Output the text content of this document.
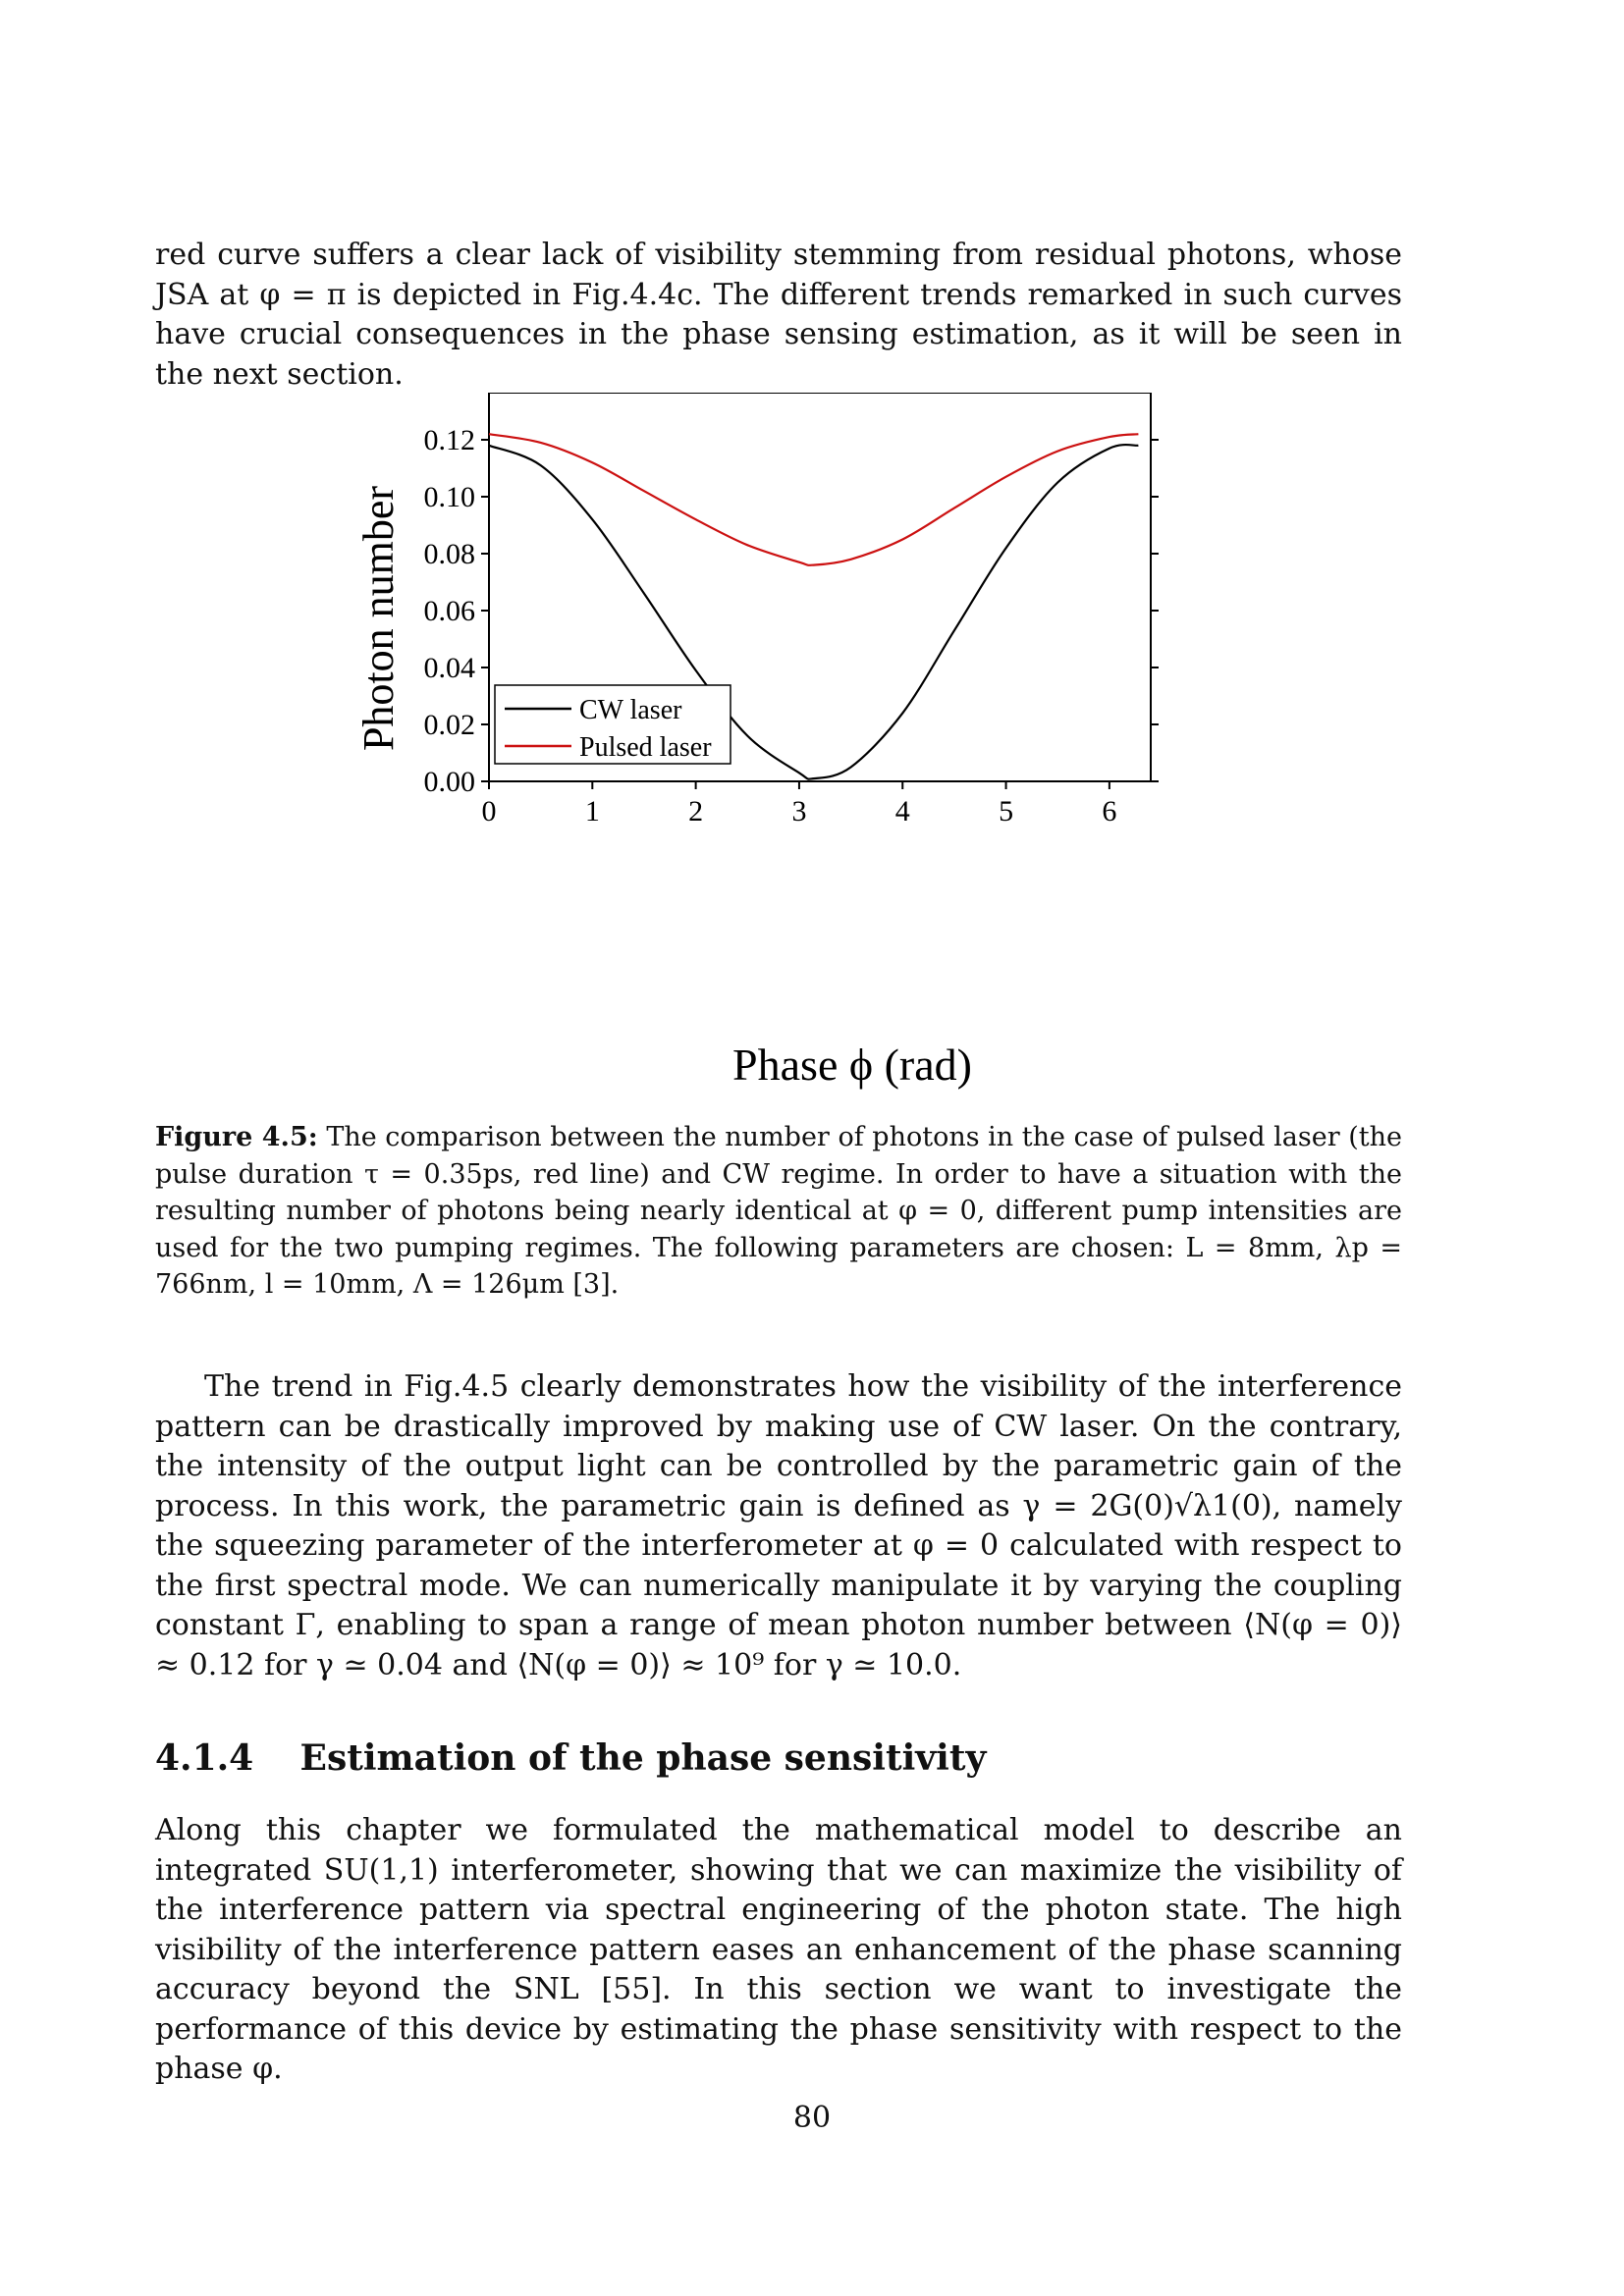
red curve suffers a clear lack of visibility stemming from residual photons, whose JSA at φ = π is depicted in Fig.4.4c. The different trends remarked in such curves have crucial consequences in the phase sensing estimation, as it will be seen in the next section.

0.00
0.02
0.04
0.06
0.08
0.10
0.12
0	1	2	3	4	5	6
CW laser
Pulsed laser
Photon number
Phase ϕ (rad)

Figure 4.5: The comparison between the number of photons in the case of pulsed laser (the pulse duration τ = 0.35ps, red line) and CW regime. In order to have a situation with the resulting number of photons being nearly identical at φ = 0, different pump intensities are used for the two pumping regimes. The following parameters are chosen: L = 8mm, λp = 766nm, l = 10mm, Λ = 126μm [3].

The trend in Fig.4.5 clearly demonstrates how the visibility of the interference pattern can be drastically improved by making use of CW laser. On the contrary, the intensity of the output light can be controlled by the parametric gain of the process. In this work, the parametric gain is defined as γ = 2G(0)√λ1(0), namely the squeezing parameter of the interferometer at φ = 0 calculated with respect to the first spectral mode. We can numerically manipulate it by varying the coupling constant Γ, enabling to span a range of mean photon number between ⟨N(φ = 0)⟩ ≈ 0.12 for γ ≃ 0.04 and ⟨N(φ = 0)⟩ ≈ 10⁹ for γ ≃ 10.0.

4.1.4 Estimation of the phase sensitivity

Along this chapter we formulated the mathematical model to describe an integrated SU(1,1) interferometer, showing that we can maximize the visibility of the interference pattern via spectral engineering of the photon state. The high visibility of the interference pattern eases an enhancement of the phase scanning accuracy beyond the SNL [55]. In this section we want to investigate the performance of this device by estimating the phase sensitivity with respect to the phase φ.

80
